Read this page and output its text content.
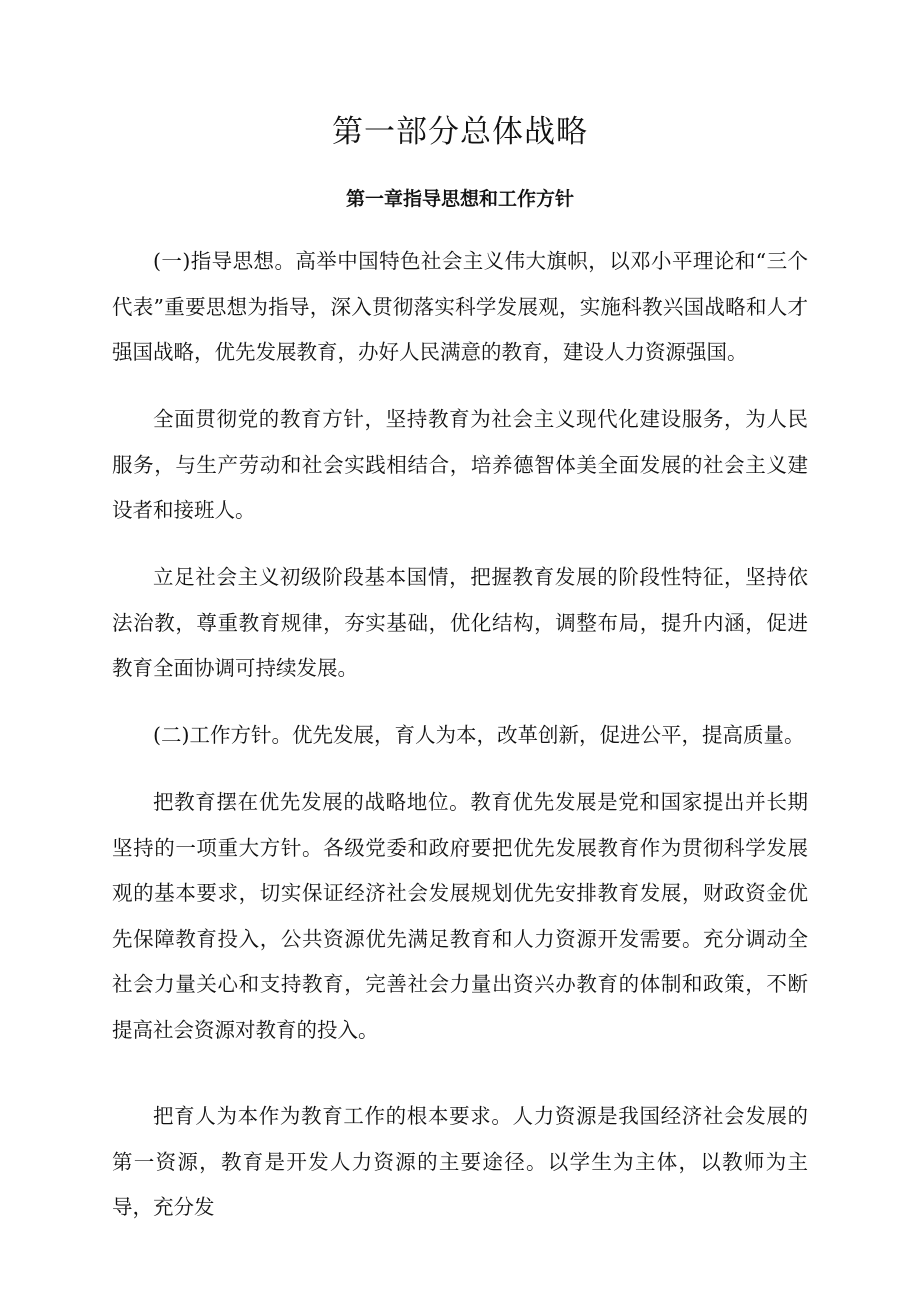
第一部分总体战略
第一章指导思想和工作方针

(一)指导思想。高举中国特色社会主义伟大旗帜，以邓小平理论和“三个代表”重要思想为指导，深入贯彻落实科学发展观，实施科教兴国战略和人才强国战略，优先发展教育，办好人民满意的教育，建设人力资源强国。

全面贯彻党的教育方针，坚持教育为社会主义现代化建设服务，为人民服务，与生产劳动和社会实践相结合，培养德智体美全面发展的社会主义建设者和接班人。

立足社会主义初级阶段基本国情，把握教育发展的阶段性特征，坚持依法治教，尊重教育规律，夯实基础，优化结构，调整布局，提升内涵，促进教育全面协调可持续发展。

(二)工作方针。优先发展，育人为本，改革创新，促进公平，提高质量。

把教育摆在优先发展的战略地位。教育优先发展是党和国家提出并长期坚持的一项重大方针。各级党委和政府要把优先发展教育作为贯彻科学发展观的基本要求，切实保证经济社会发展规划优先安排教育发展，财政资金优先保障教育投入，公共资源优先满足教育和人力资源开发需要。充分调动全社会力量关心和支持教育，完善社会力量出资兴办教育的体制和政策，不断提高社会资源对教育的投入。

把育人为本作为教育工作的根本要求。人力资源是我国经济社会发展的第一资源，教育是开发人力资源的主要途径。以学生为主体，以教师为主导，充分发
